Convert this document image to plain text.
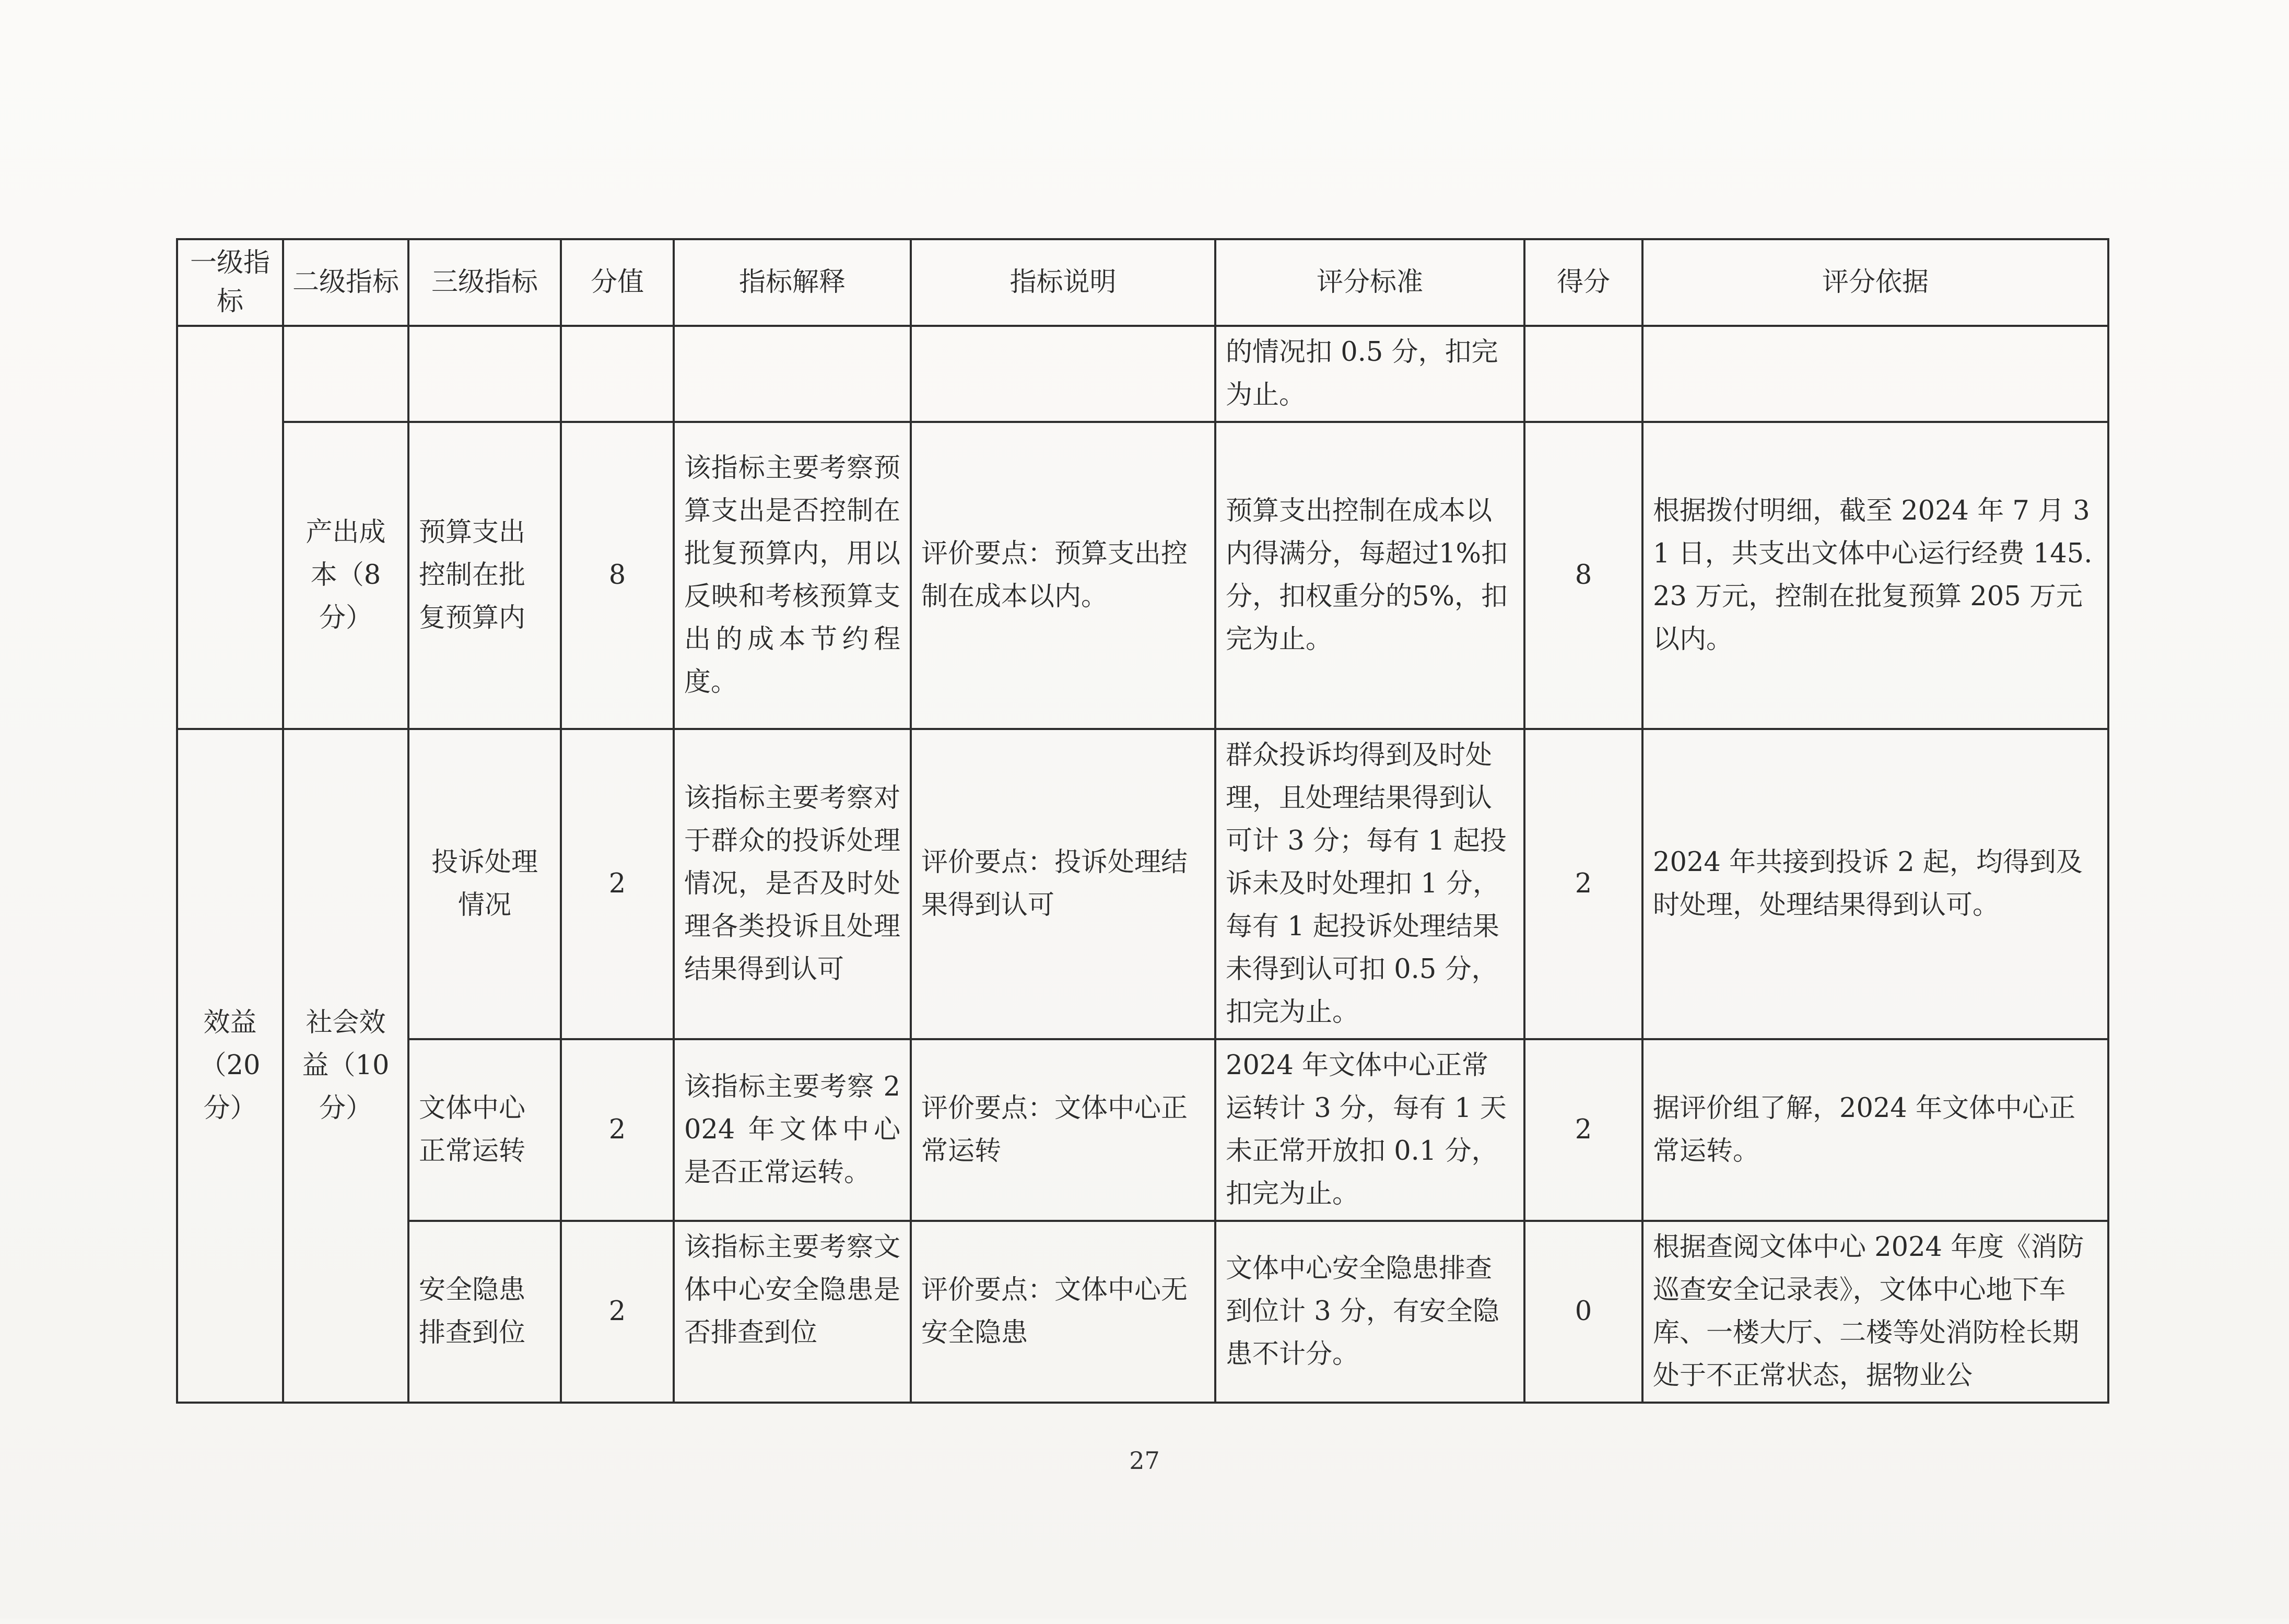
一级指标	二级指标	三级指标	分值	指标解释	指标说明	评分标准	得分	评分依据
						的情况扣 0.5 分，扣完为止。		
	产出成本（8分）	预算支出控制在批复预算内	8	该指标主要考察预算支出是否控制在批复预算内，用以反映和考核预算支出的成本节约程度。	评价要点：预算支出控制在成本以内。	预算支出控制在成本以内得满分，每超过1%扣分，扣权重分的5%，扣完为止。	8	根据拨付明细，截至 2024 年 7 月 31 日，共支出文体中心运行经费 145.23 万元，控制在批复预算 205 万元以内。
效益（20分）	社会效益（10分）	投诉处理情况	2	该指标主要考察对于群众的投诉处理情况，是否及时处理各类投诉且处理结果得到认可	评价要点：投诉处理结果得到认可	群众投诉均得到及时处理，且处理结果得到认可计 3 分；每有 1 起投诉未及时处理扣 1 分，每有 1 起投诉处理结果未得到认可扣 0.5 分，扣完为止。	2	2024 年共接到投诉 2 起，均得到及时处理，处理结果得到认可。
		文体中心正常运转	2	该指标主要考察 2024 年文体中心是否正常运转。	评价要点：文体中心正常运转	2024 年文体中心正常运转计 3 分，每有 1 天未正常开放扣 0.1 分，扣完为止。	2	据评价组了解，2024 年文体中心正常运转。
		安全隐患排查到位	2	该指标主要考察文体中心安全隐患是否排查到位	评价要点：文体中心无安全隐患	文体中心安全隐患排查到位计 3 分，有安全隐患不计分。	0	根据查阅文体中心 2024 年度《消防巡查安全记录表》，文体中心地下车库、一楼大厅、二楼等处消防栓长期处于不正常状态，据物业公
27
